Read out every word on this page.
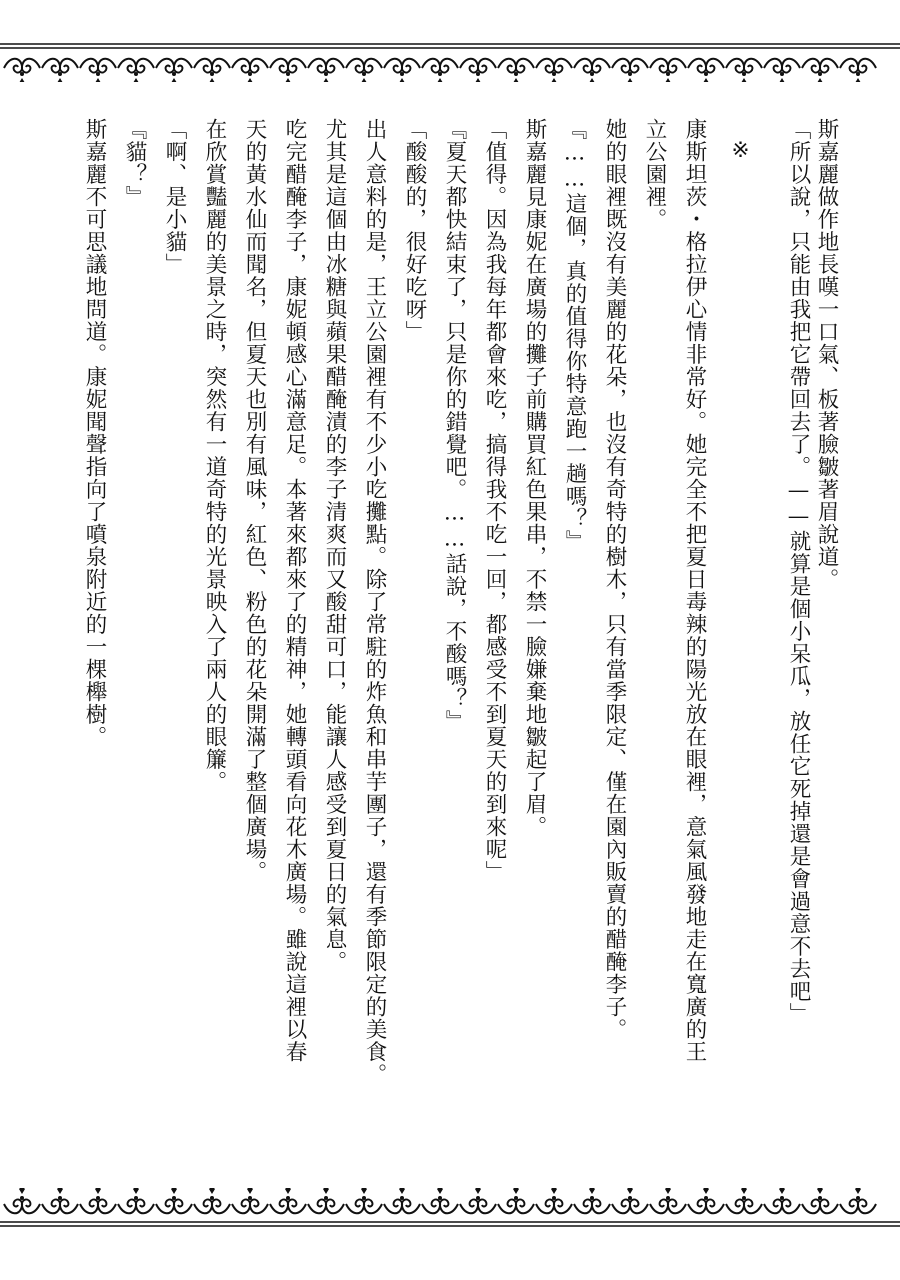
斯嘉麗做作地長嘆一口氣、板著臉皺著眉說道。

「所以說，只能由我把它帶回去了。——就算是個小呆瓜，放任它死掉還是會過意不去吧」

※

康斯坦茨・格拉伊心情非常好。她完全不把夏日毒辣的陽光放在眼裡，意氣風發地走在寬廣的王

立公園裡。

她的眼裡既沒有美麗的花朵，也沒有奇特的樹木，只有當季限定、僅在園內販賣的醋醃李子。

『……這個，真的值得你特意跑一趟嗎？』

斯嘉麗見康妮在廣場的攤子前購買紅色果串，不禁一臉嫌棄地皺起了眉。

「值得。因為我每年都會來吃，搞得我不吃一回，都感受不到夏天的到來呢」

『夏天都快結束了，只是你的錯覺吧。……話說，不酸嗎？』

「酸酸的，很好吃呀」

出人意料的是，王立公園裡有不少小吃攤點。除了常駐的炸魚和串芋團子，還有季節限定的美食。

尤其是這個由冰糖與蘋果醋醃漬的李子清爽而又酸甜可口，能讓人感受到夏日的氣息。

吃完醋醃李子，康妮頓感心滿意足。本著來都來了的精神，她轉頭看向花木廣場。雖說這裡以春

天的黃水仙而聞名，但夏天也別有風味，紅色、粉色的花朵開滿了整個廣場。

在欣賞豔麗的美景之時，突然有一道奇特的光景映入了兩人的眼簾。

「啊、是小貓」

『貓？』

斯嘉麗不可思議地問道。康妮聞聲指向了噴泉附近的一棵櫸樹。
